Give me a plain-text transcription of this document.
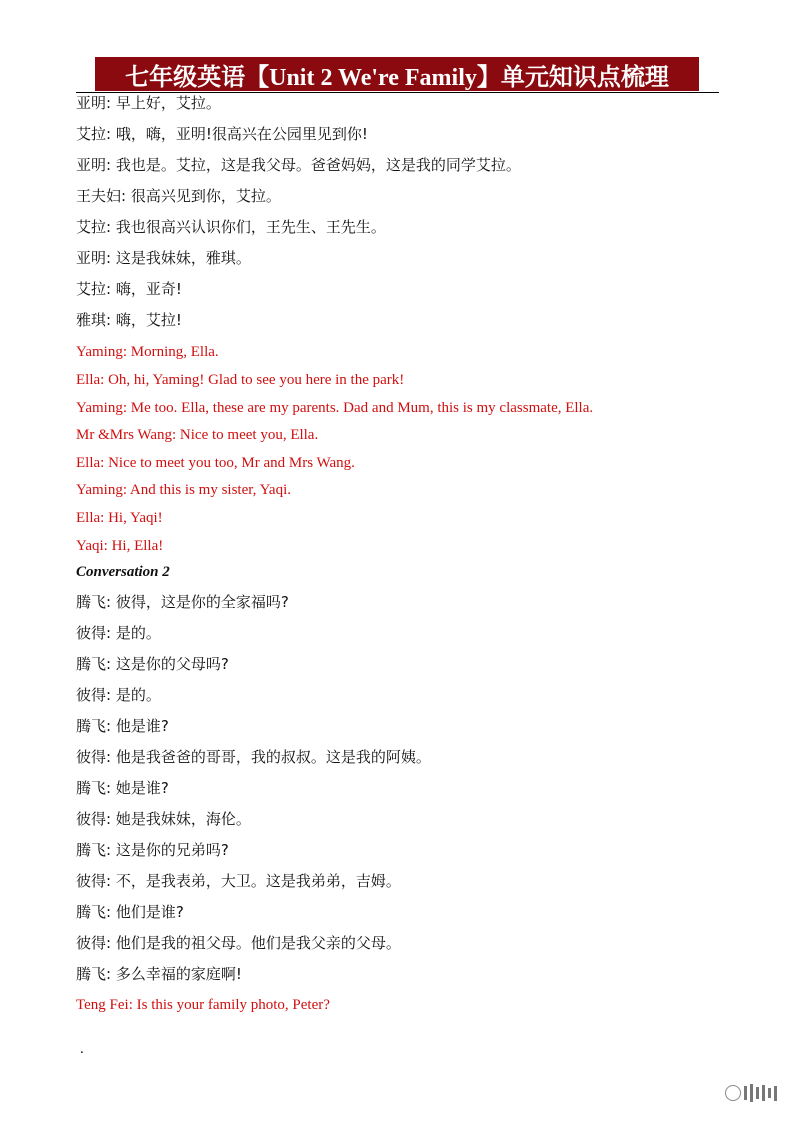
七年级英语【Unit 2 We're Family】单元知识点梳理
亚明: 早上好，艾拉。
艾拉: 哦，嗨，亚明!很高兴在公园里见到你!
亚明: 我也是。艾拉，这是我父母。爸爸妈妈，这是我的同学艾拉。
王夫妇: 很高兴见到你，艾拉。
艾拉: 我也很高兴认识你们，王先生、王先生。
亚明: 这是我妹妹，雅琪。
艾拉: 嗨，亚奇!
雅琪: 嗨，艾拉!
Yaming: Morning, Ella.
Ella: Oh, hi, Yaming! Glad to see you here in the park!
Yaming: Me too. Ella, these are my parents. Dad and Mum, this is my classmate, Ella.
Mr &Mrs Wang: Nice to meet you, Ella.
Ella: Nice to meet you too, Mr and Mrs Wang.
Yaming: And this is my sister, Yaqi.
Ella: Hi, Yaqi!
Yaqi: Hi, Ella!
Conversation 2
腾飞: 彼得，这是你的全家福吗?
彼得: 是的。
腾飞: 这是你的父母吗?
彼得: 是的。
腾飞: 他是谁?
彼得: 他是我爸爸的哥哥，我的叔叔。这是我的阿姨。
腾飞: 她是谁?
彼得: 她是我妹妹，海伦。
腾飞: 这是你的兄弟吗?
彼得: 不，是我表弟，大卫。这是我弟弟，吉姆。
腾飞: 他们是谁?
彼得: 他们是我的祖父母。他们是我父亲的父母。
腾飞: 多么幸福的家庭啊!
Teng Fei: Is this your family photo, Peter?
.
